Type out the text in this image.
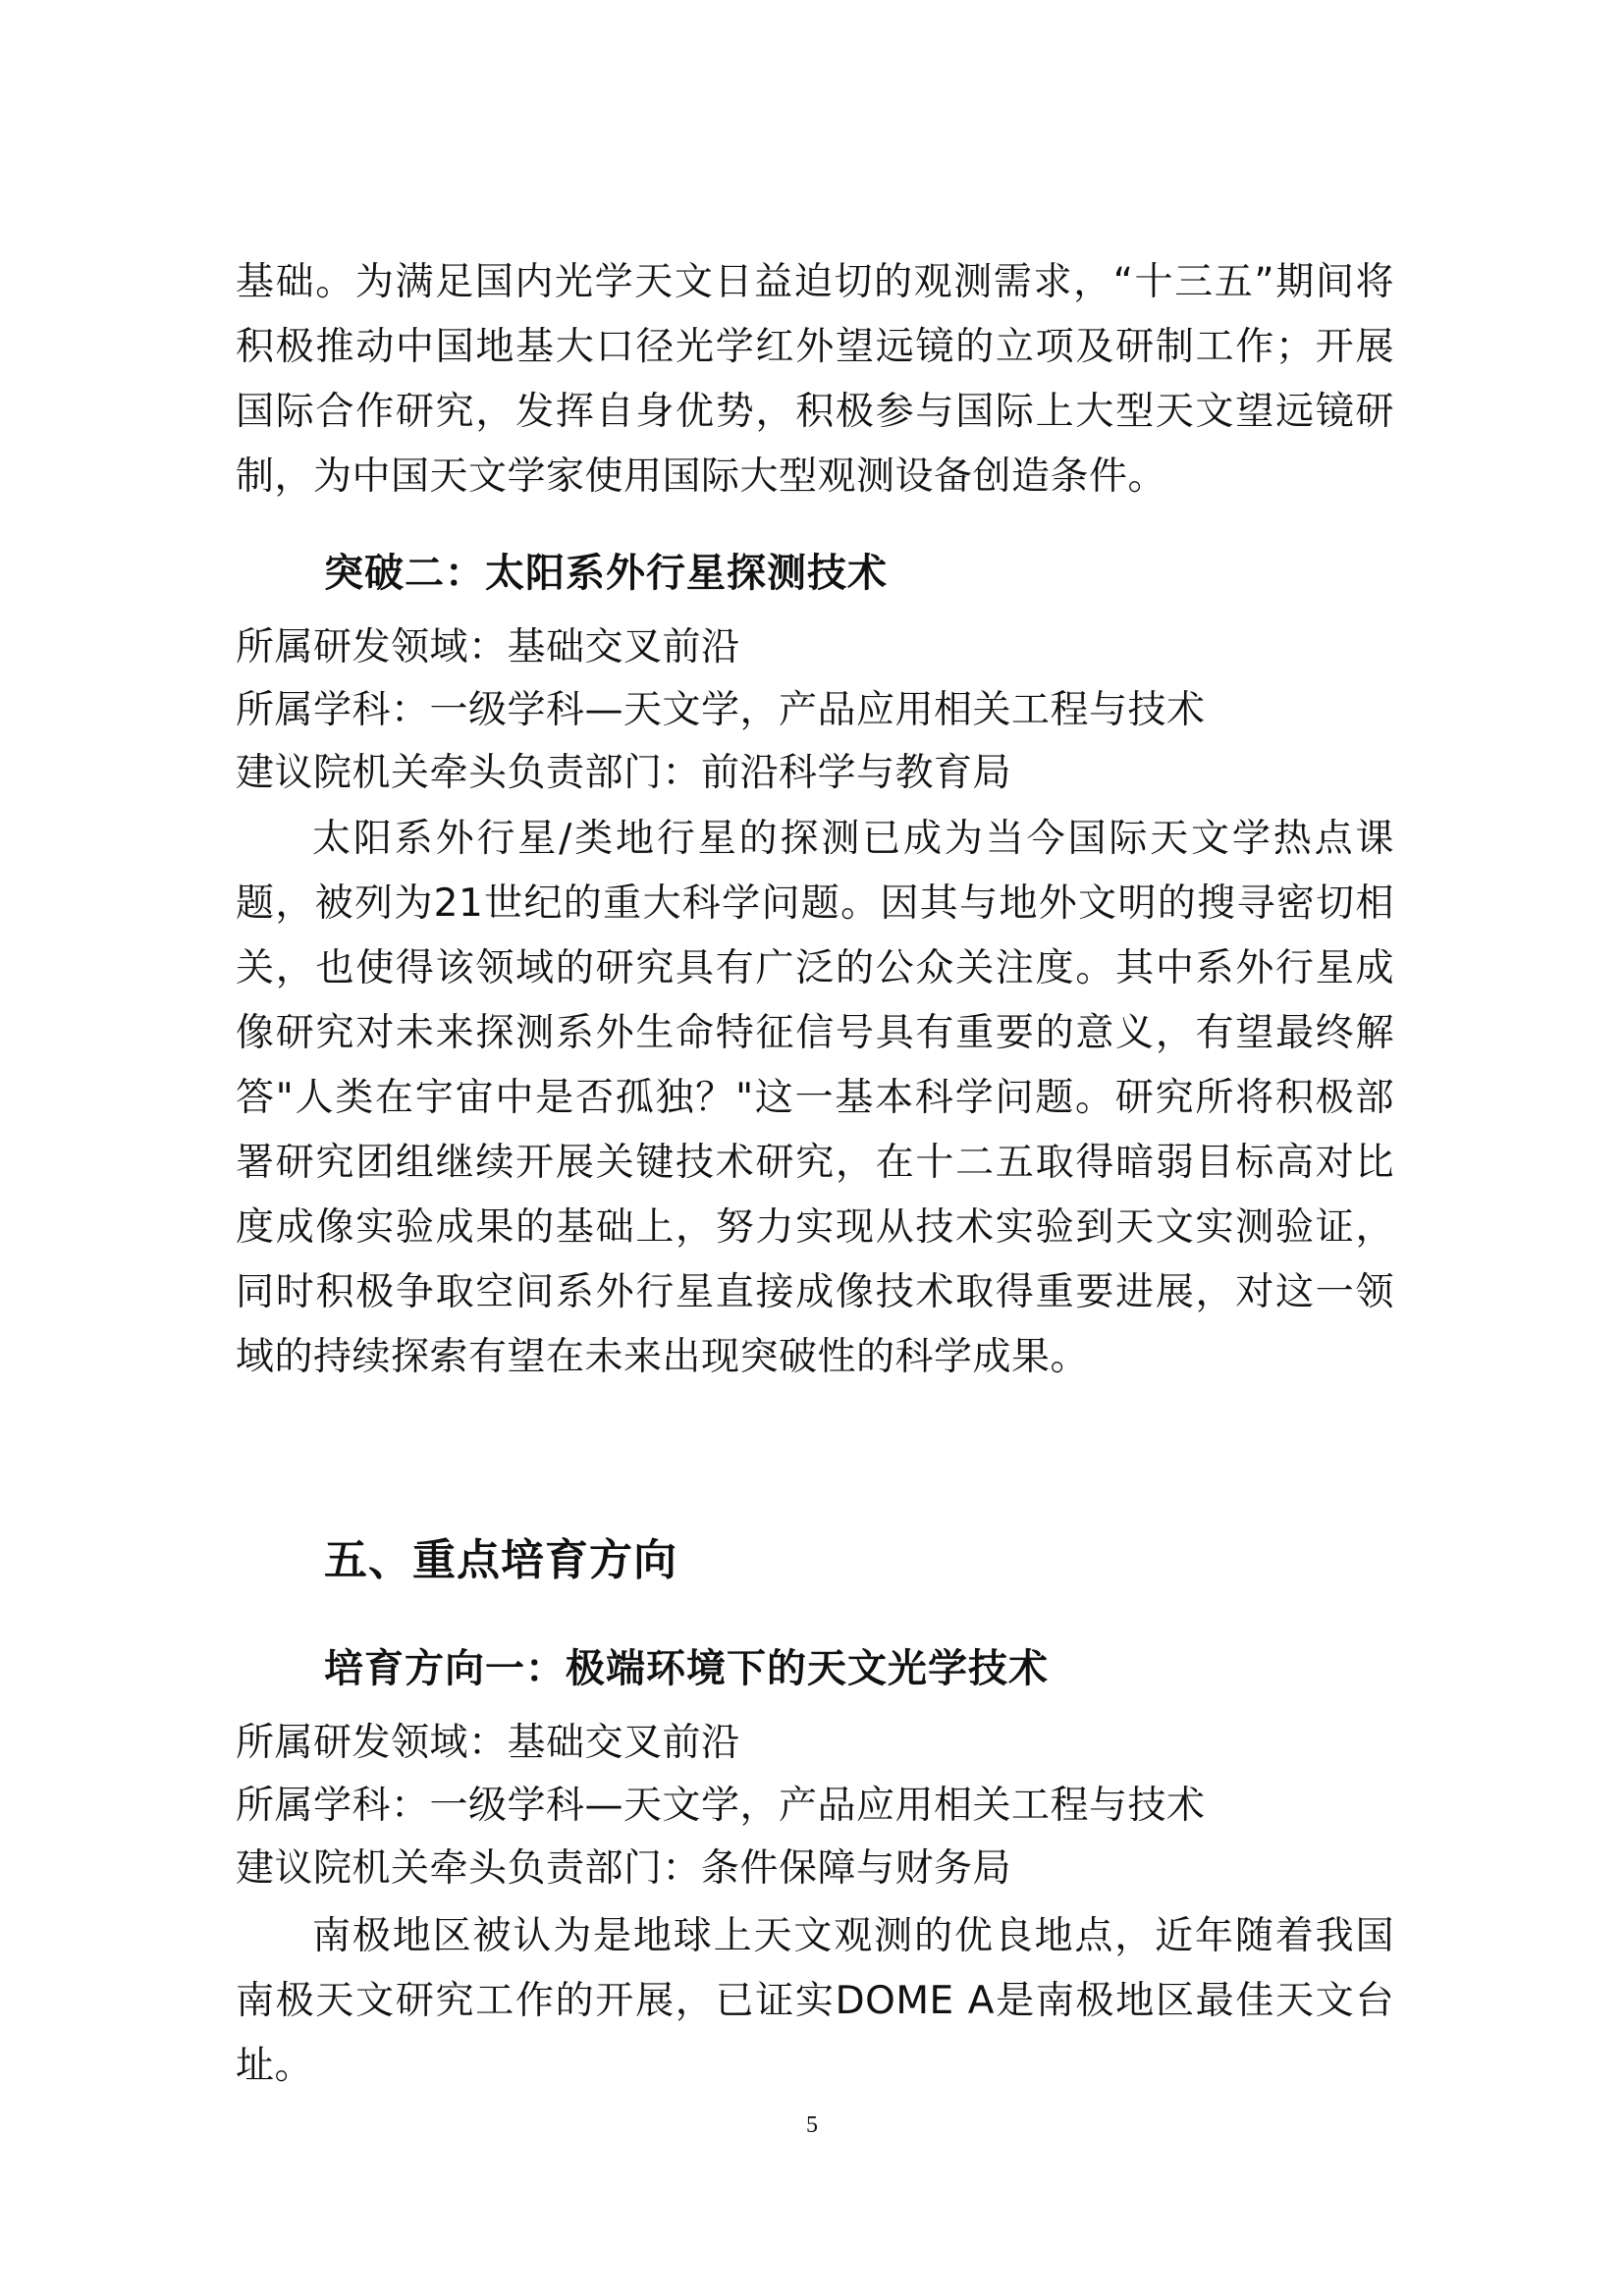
基础。为满足国内光学天文日益迫切的观测需求，“十三五”期间将积极推动中国地基大口径光学红外望远镜的立项及研制工作；开展国际合作研究，发挥自身优势，积极参与国际上大型天文望远镜研制，为中国天文学家使用国际大型观测设备创造条件。

突破二：太阳系外行星探测技术

所属研发领域：基础交叉前沿

所属学科：一级学科—天文学，产品应用相关工程与技术

建议院机关牵头负责部门：前沿科学与教育局

太阳系外行星/类地行星的探测已成为当今国际天文学热点课题，被列为21世纪的重大科学问题。因其与地外文明的搜寻密切相关，也使得该领域的研究具有广泛的公众关注度。其中系外行星成像研究对未来探测系外生命特征信号具有重要的意义，有望最终解答"人类在宇宙中是否孤独？"这一基本科学问题。研究所将积极部署研究团组继续开展关键技术研究，在十二五取得暗弱目标高对比度成像实验成果的基础上，努力实现从技术实验到天文实测验证，同时积极争取空间系外行星直接成像技术取得重要进展，对这一领域的持续探索有望在未来出现突破性的科学成果。

五、重点培育方向
培育方向一：极端环境下的天文光学技术

所属研发领域：基础交叉前沿

所属学科：一级学科—天文学，产品应用相关工程与技术

建议院机关牵头负责部门：条件保障与财务局

南极地区被认为是地球上天文观测的优良地点，近年随着我国南极天文研究工作的开展，已证实DOME A是南极地区最佳天文台址。

5
